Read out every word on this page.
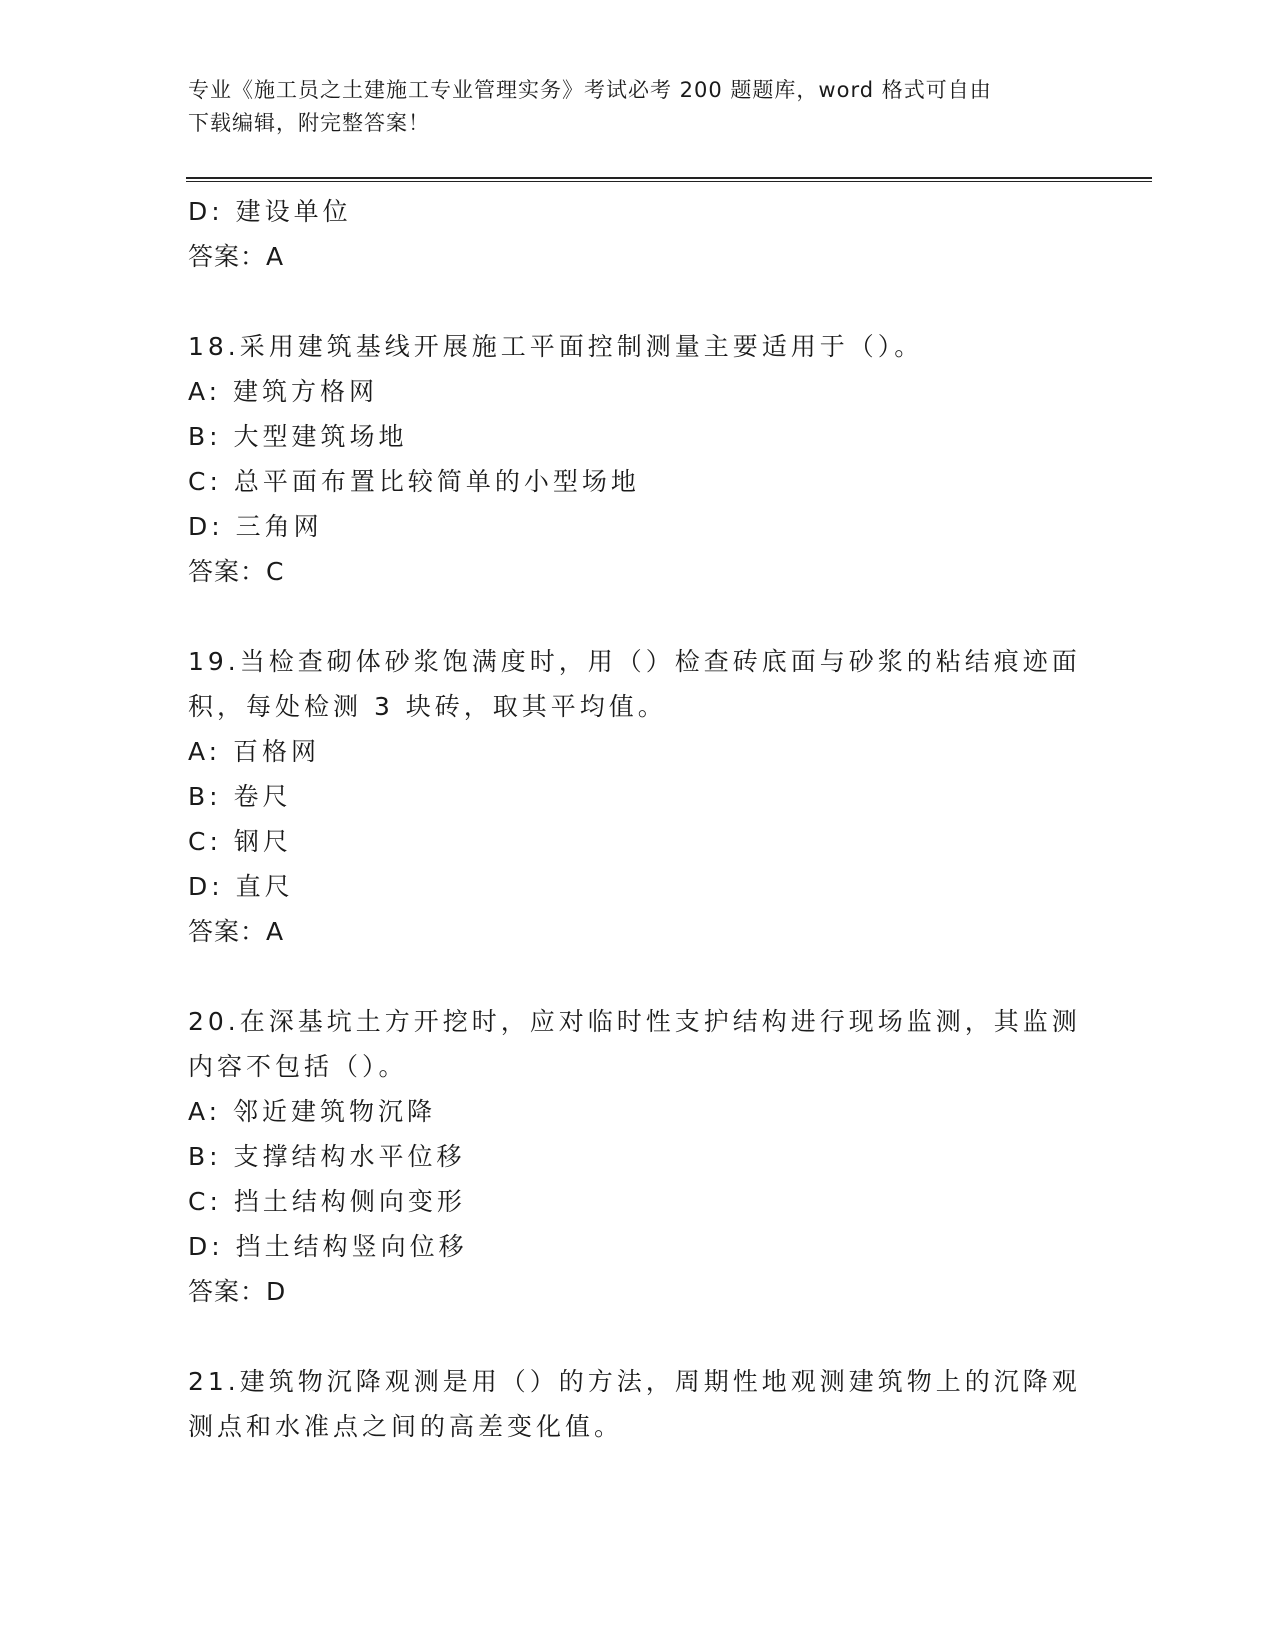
专业《施工员之土建施工专业管理实务》考试必考 200 题题库，word 格式可自由
下载编辑，附完整答案！
D: 建设单位
答案：A
18.采用建筑基线开展施工平面控制测量主要适用于（）。
A: 建筑方格网
B: 大型建筑场地
C: 总平面布置比较简单的小型场地
D: 三角网
答案：C
19.当检查砌体砂浆饱满度时，用（）检查砖底面与砂浆的粘结痕迹面
积，每处检测 3 块砖，取其平均值。
A: 百格网
B: 卷尺
C: 钢尺
D: 直尺
答案：A
20.在深基坑土方开挖时，应对临时性支护结构进行现场监测，其监测
内容不包括（）。
A: 邻近建筑物沉降
B: 支撑结构水平位移
C: 挡土结构侧向变形
D: 挡土结构竖向位移
答案：D
21.建筑物沉降观测是用（）的方法，周期性地观测建筑物上的沉降观
测点和水准点之间的高差变化值。
